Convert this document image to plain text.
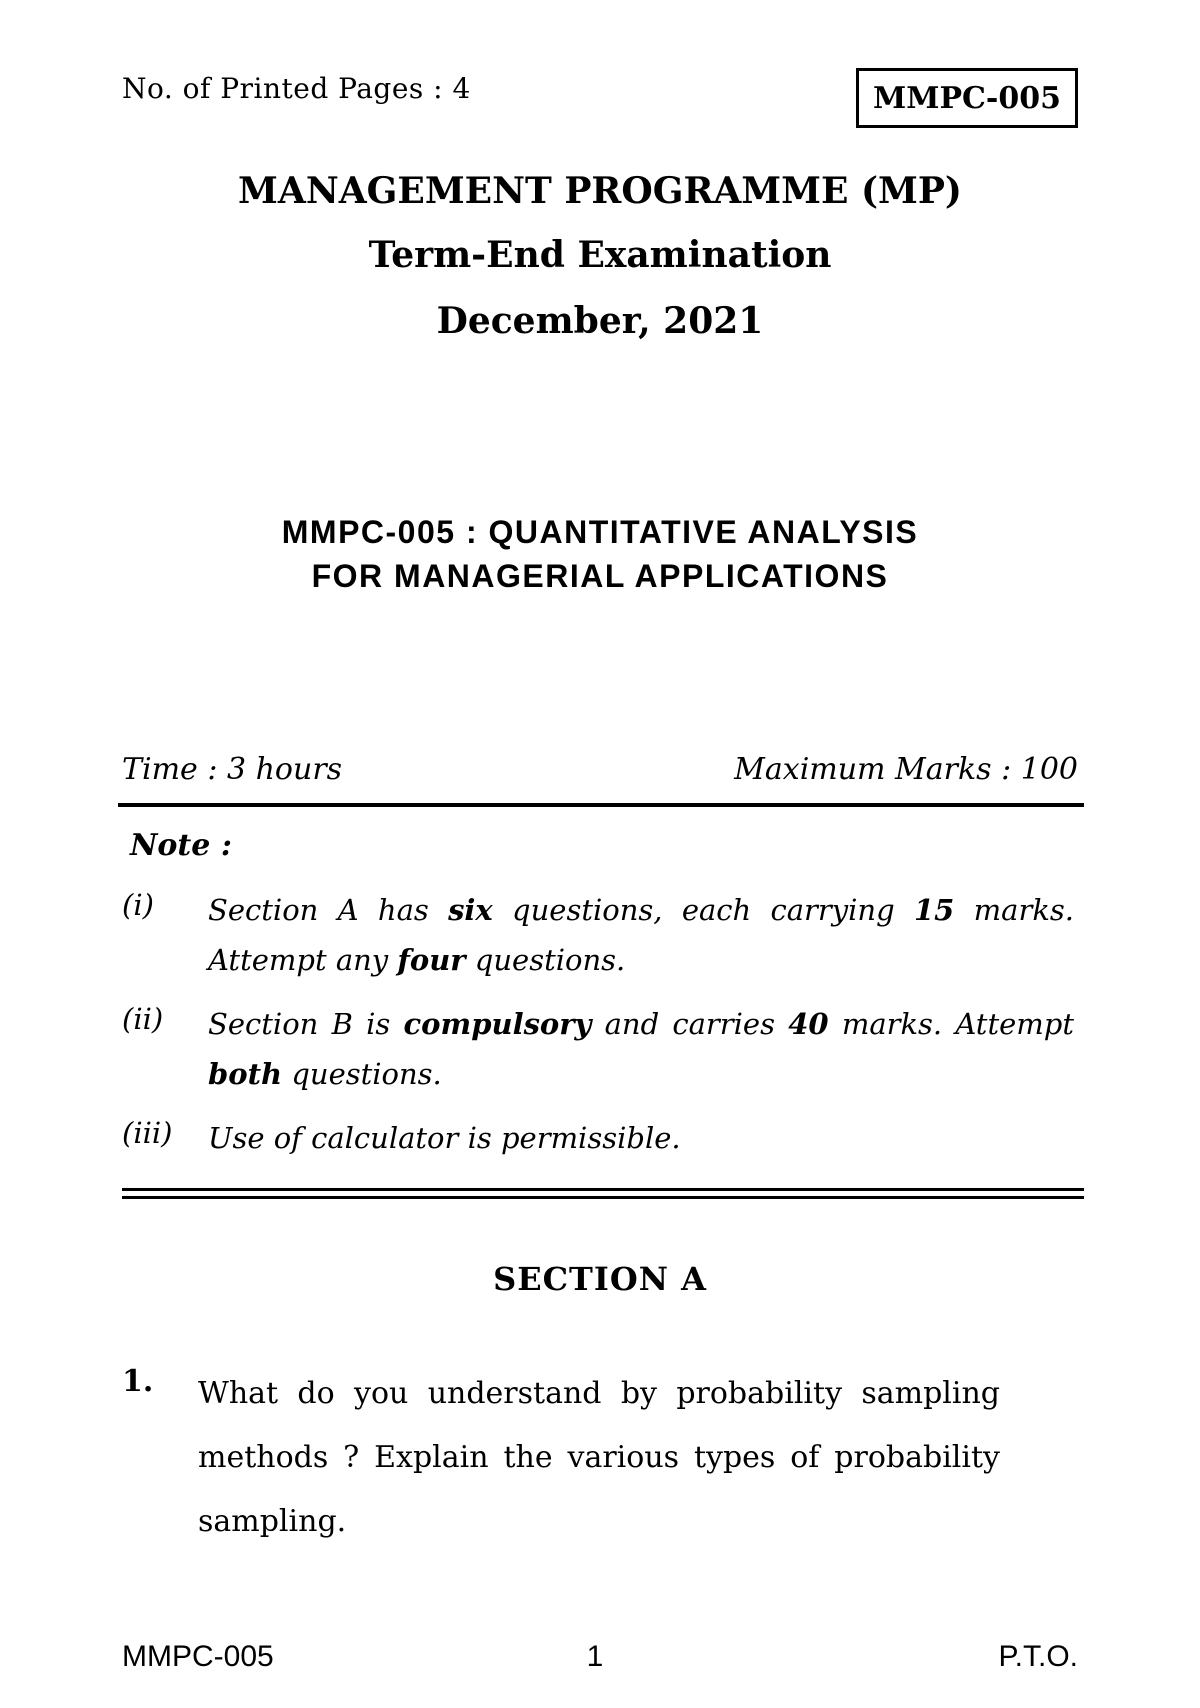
No. of Printed Pages : 4	MMPC-005
MANAGEMENT PROGRAMME (MP)
Term-End Examination
December, 2021
MMPC-005 : QUANTITATIVE ANALYSIS
FOR MANAGERIAL APPLICATIONS
Time : 3 hours	Maximum Marks : 100
Note :
(i) Section A has six questions, each carrying 15 marks. Attempt any four questions.
(ii) Section B is compulsory and carries 40 marks. Attempt both questions.
(iii) Use of calculator is permissible.
SECTION A
1. What do you understand by probability sampling methods ? Explain the various types of probability sampling.
MMPC-005	1	P.T.O.
